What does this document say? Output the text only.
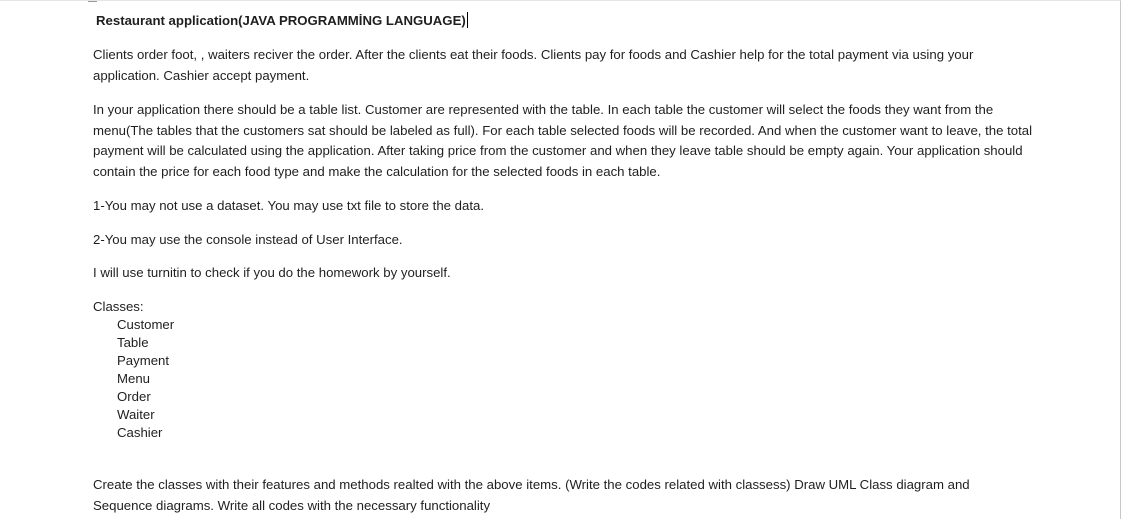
Restaurant application(JAVA PROGRAMMİNG LANGUAGE)

Clients order foot, , waiters reciver the order. After the clients eat their foods. Clients pay for foods and Cashier help for the total payment via using your application. Cashier accept payment.

In your application there should be a table list. Customer are represented with the table. In each table the customer will select the foods they want from the menu(The tables that the customers sat should be labeled as full). For each table selected foods will be recorded. And when the customer want to leave, the total payment will be calculated using the application. After taking price from the customer and when they leave table should be empty again. Your application should contain the price for each food type and make the calculation for the selected foods in each table.

1-You may not use a dataset. You may use txt file to store the data.

2-You may use the console instead of User Interface.

I will use turnitin to check if you do the homework by yourself.

Classes:
Customer
Table
Payment
Menu
Order
Waiter
Cashier

Create the classes with their features and methods realted with the above items. (Write the codes related with classess) Draw UML Class diagram and Sequence diagrams. Write all codes with the necessary functionality
